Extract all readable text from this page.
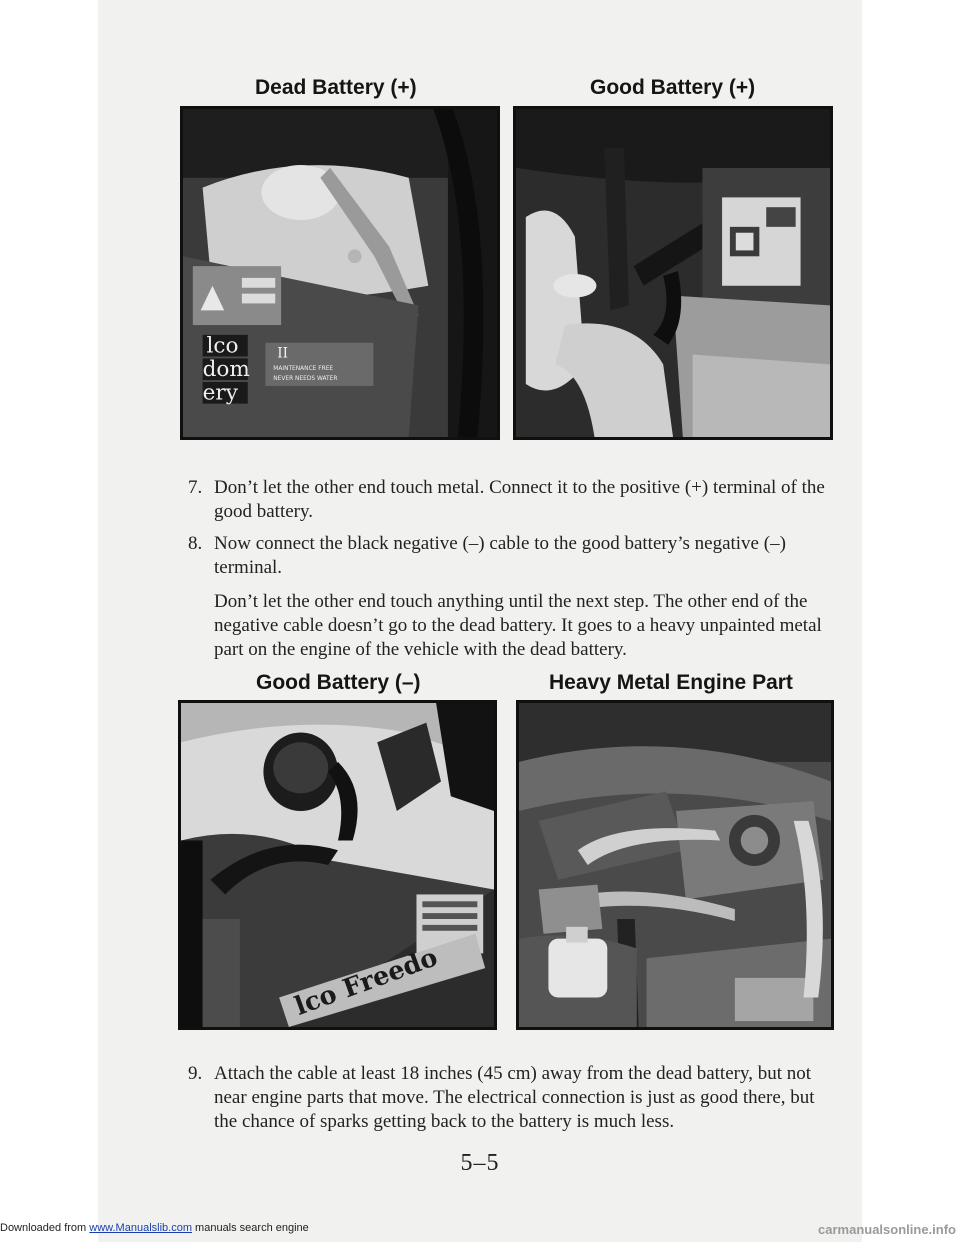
Dead Battery (+)	Good Battery (+)
lco
dom
ery
II
MAINTENANCE FREE
NEVER NEEDS WATER
7. Don’t let the other end touch metal. Connect it to the positive (+) terminal of the good battery.
8. Now connect the black negative (–) cable to the good battery’s negative (–) terminal.
Don’t let the other end touch anything until the next step. The other end of the negative cable doesn’t go to the dead battery. It goes to a heavy unpainted metal part on the engine of the vehicle with the dead battery.
Good Battery (–)	Heavy Metal Engine Part
lco Freedo
9. Attach the cable at least 18 inches (45 cm) away from the dead battery, but not near engine parts that move. The electrical connection is just as good there, but the chance of sparks getting back to the battery is much less.
5–5
Downloaded from www.Manualslib.com manuals search engine	carmanualsonline.info
